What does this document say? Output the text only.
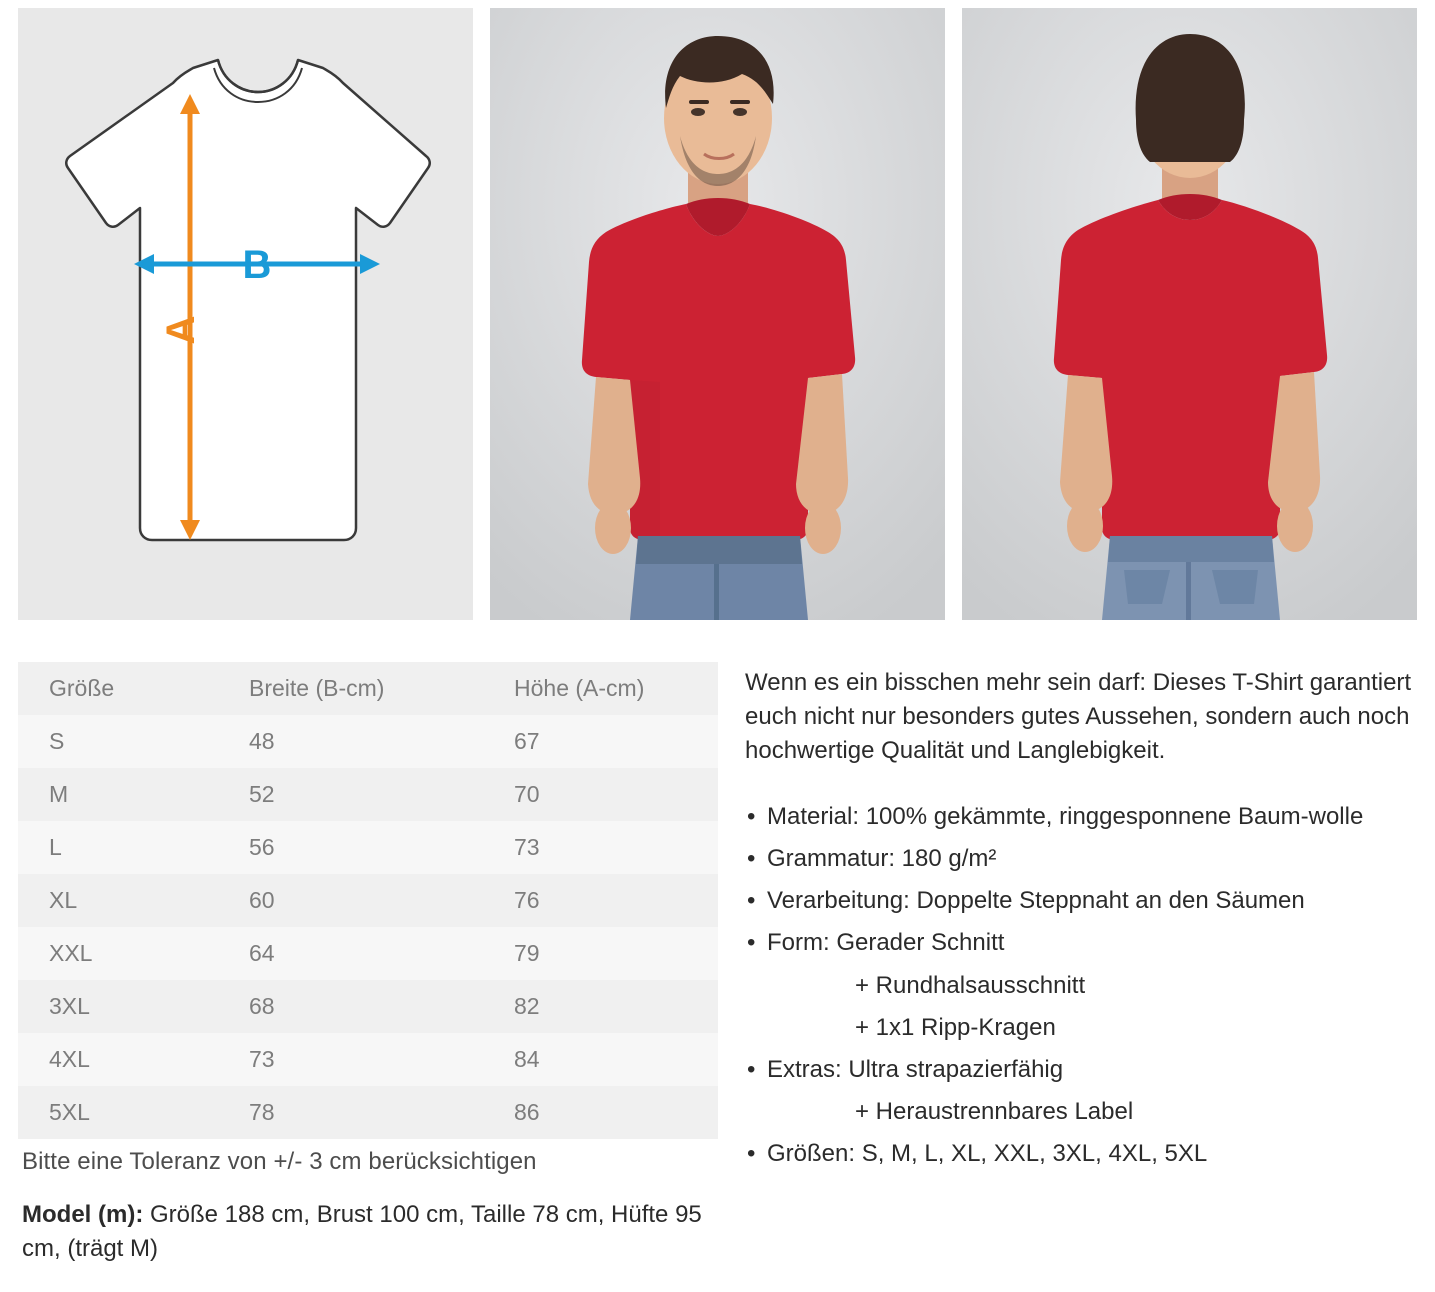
A
B
Größe	Breite (B-cm)	Höhe (A-cm)
S	48	67
M	52	70
L	56	73
XL	60	76
XXL	64	79
3XL	68	82
4XL	73	84
5XL	78	86
Bitte eine Toleranz von +/- 3 cm berücksichtigen
Model (m): Größe 188 cm, Brust 100 cm, Taille 78 cm, Hüfte 95 cm, (trägt M)

Wenn es ein bisschen mehr sein darf: Dieses T-Shirt garantiert euch nicht nur besonders gutes Aussehen, sondern auch noch hochwertige Qualität und Langlebigkeit.

• Material: 100% gekämmte, ringgesponnene Baum-wolle
• Grammatur: 180 g/m²
• Verarbeitung: Doppelte Steppnaht an den Säumen
• Form: Gerader Schnitt
+ Rundhalsausschnitt
+ 1x1 Ripp-Kragen
• Extras: Ultra strapazierfähig
+ Heraustrennbares Label
• Größen: S, M, L, XL, XXL, 3XL, 4XL, 5XL
